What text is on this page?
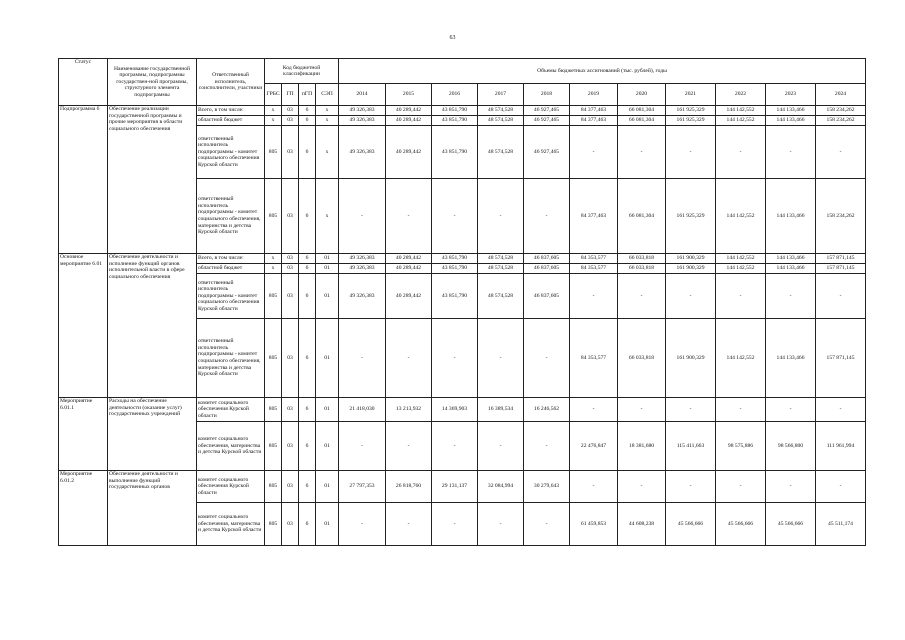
63
Статус	Наименование государственной программы, подпрограммы государствен-ной программы, структурного элемента подпрограммы	Ответственный исполнитель, соисполнители, участники	Код бюджетной классификации				Объемы бюджетных ассигнований (тыс. рублей), годы										
			ГРБС	ГП	пГП	СЭП	2014	2015	2016	2017	2018	2019	2020	2021	2022	2023	2024
Подпрограмма 6	Обеспечение реализации государственной программы и прочие мероприятия в области социального обеспечения	Всего, в том числе:	x	03	6	x	49 326,383	40 289,442	43 851,790	48 574,528	46 927,465	84 377,463	66 081,304	161 925,329	144 142,552	144 133,466	158 234,262
		областной бюджет	x	03	6	x	49 326,383	40 289,442	43 851,790	48 574,528	46 927,465	84 377,463	66 081,304	161 925,329	144 142,552	144 133,466	158 234,262
		ответственный исполнитель подпрограммы - комитет социального обеспечения Курской области	805	03	6	x	49 326,383	40 289,442	43 851,790	48 574,528	46 927,465	-	-	-	-	-	-
		ответственный исполнитель подпрограммы - комитет социального обеспечения, материнства и детства Курской области	805	03	6	x	-	-	-	-	-	84 377,463	66 081,304	161 925,329	144 142,552	144 133,466	158 234,262
Основное мероприятие 6.01	Обеспечение деятельности и исполнение функций органов исполнительной власти в сфере социального обеспечения	Всего, в том числе:	x	03	6	01	49 326,383	40 289,442	43 851,790	48 574,528	46 837,605	84 353,577	66 033,818	161 900,329	144 142,552	144 133,466	157 871,145
		областной бюджет	x	03	6	01	49 326,383	40 289,442	43 851,790	48 574,528	46 837,605	84 353,577	66 033,818	161 900,329	144 142,552	144 133,466	157 871,145
		ответственный исполнитель подпрограммы - комитет социального обеспечения Курской области	805	03	6	01	49 326,383	40 289,442	43 851,790	48 574,528	46 837,605	-	-	-	-	-	-
		ответственный исполнитель подпрограммы - комитет социального обеспечения, материнства и детства Курской области	805	03	6	01	-	-	-	-	-	84 353,577	66 033,818	161 900,329	144 142,552	144 133,466	157 871,145
Мероприятие 6.01.1	Расходы на обеспечение деятельности (оказание услуг) государственных учреждений	комитет социального обеспечения Курской области	805	03	6	01	21 418,030	13 213,932	14 369,903	16 389,534	16 246,562	-	-	-	-	-	-
		комитет социального обеспечения, материнства и детства Курской области	805	03	6	01	-	-	-	-	-	22 476,847	18 381,680	115 411,663	98 575,886	98 566,800	111 961,994
Мероприятие 6.01.2	Обеспечение деятельности и выполнение функций государственных органов	комитет социального обеспечения Курской области	805	03	6	01	27 797,353	26 818,760	29 131,137	32 084,994	30 279,643	-	-	-	-	-	-
		комитет социального обеспечения, материнства и детства Курской области	805	03	6	01	-	-	-	-	-	61 459,853	44 608,238	45 566,666	45 566,666	45 566,666	45 511,174
